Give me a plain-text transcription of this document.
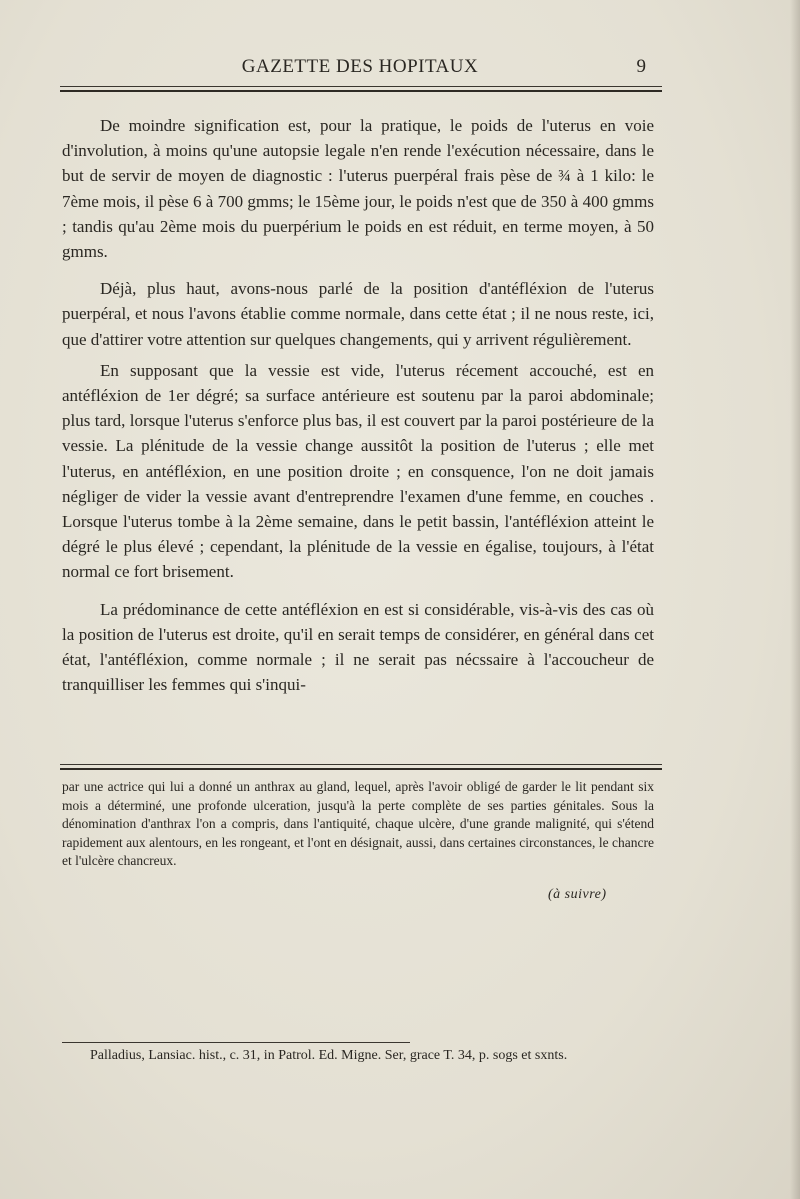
GAZETTE DES HOPITAUX	9

De moindre signification est, pour la pratique, le poids de l'uterus en voie d'involution, à moins qu'une autopsie legale n'en rende l'exécution nécessaire, dans le but de servir de moyen de diagnostic : l'uterus puerpéral frais pèse de ¾ à 1 kilo: le 7ème mois, il pèse 6 à 700 gmms; le 15ème jour, le poids n'est que de 350 à 400 gmms ; tandis qu'au 2ème mois du puerpérium le poids en est réduit, en terme moyen, à 50 gmms.

Déjà, plus haut, avons-nous parlé de la position d'antéfléxion de l'uterus puerpéral, et nous l'avons établie comme normale, dans cette état ; il ne nous reste, ici, que d'attirer votre attention sur quelques changements, qui y arrivent régulièrement.

En supposant que la vessie est vide, l'uterus récement accouché, est en antéfléxion de 1er dégré; sa surface antérieure est soutenu par la paroi abdominale; plus tard, lorsque l'uterus s'enforce plus bas, il est couvert par la paroi postérieure de la vessie. La plénitude de la vessie change aussitôt la position de l'uterus ; elle met l'uterus, en antéfléxion, en une position droite ; en consquence, l'on ne doit jamais négliger de vider la vessie avant d'entreprendre l'examen d'une femme, en couches . Lorsque l'uterus tombe à la 2ème semaine, dans le petit bassin, l'antéfléxion atteint le dégré le plus élevé ; cependant, la plénitude de la vessie en égalise, toujours, à l'état normal ce fort brisement.

La prédominance de cette antéfléxion en est si considérable, vis-à-vis des cas où la position de l'uterus est droite, qu'il en serait temps de considérer, en général dans cet état, l'antéfléxion, comme normale ; il ne serait pas nécssaire à l'accoucheur de tranquilliser les femmes qui s'inqui-

par une actrice qui lui a donné un anthrax au gland, lequel, après l'avoir obligé de garder le lit pendant six mois a déterminé, une profonde ulceration, jusqu'à la perte complète de ses parties génitales. Sous la dénomination d'anthrax l'on a compris, dans l'antiquité, chaque ulcère, d'une grande malignité, qui s'étend rapidement aux alentours, en les rongeant, et l'ont en désignait, aussi, dans certaines circonstances, le chancre et l'ulcère chancreux.

(à suivre)

Palladius, Lansiac. hist., c. 31, in Patrol. Ed. Migne. Ser, grace T. 34, p. sogs et sxnts.
